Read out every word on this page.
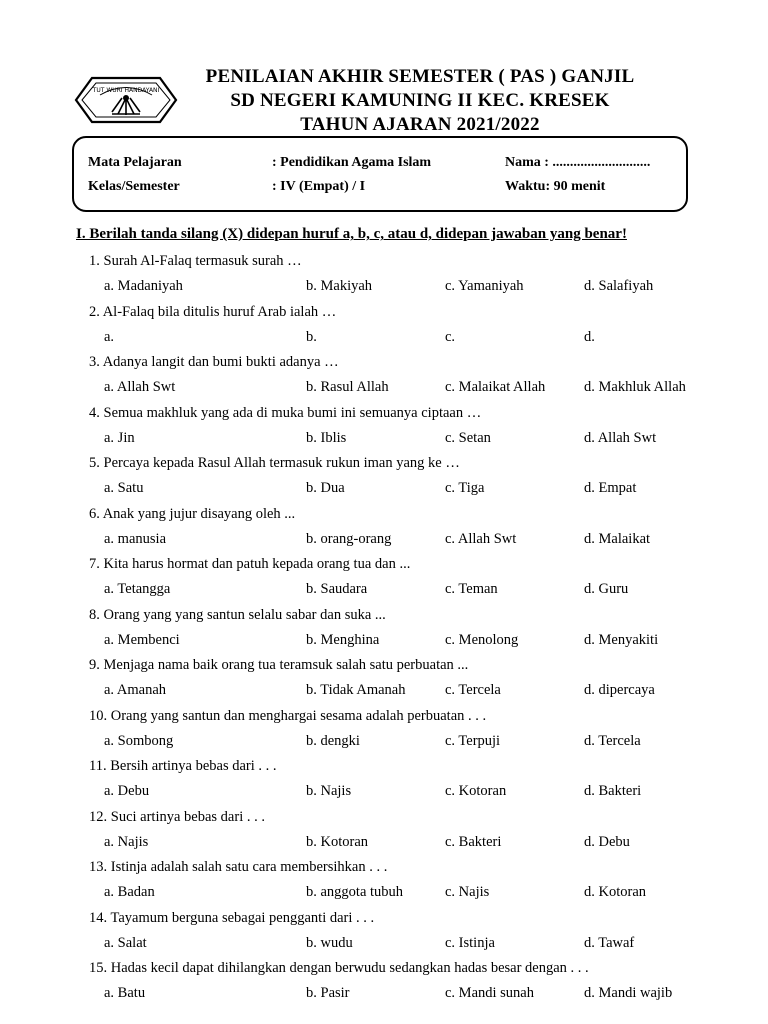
TUT WURI HANDAYANI
PENILAIAN AKHIR SEMESTER ( PAS ) GANJIL
SD NEGERI KAMUNING II KEC. KRESEK
TAHUN AJARAN 2021/2022
Mata Pelajaran	: Pendidikan Agama Islam	Nama : ............................
Kelas/Semester	: IV (Empat) / I	Waktu: 90 menit
I. Berilah tanda silang (X) didepan huruf a, b, c, atau d, didepan jawaban yang benar!
1. Surah Al-Falaq termasuk surah …
a. Madaniyah	b. Makiyah	c. Yamaniyah	d. Salafiyah
2. Al-Falaq bila ditulis huruf Arab ialah …
a.	b.	c.	d.
3. Adanya langit dan bumi bukti adanya …
a. Allah Swt	b. Rasul Allah	c. Malaikat Allah	d. Makhluk Allah
4. Semua makhluk yang ada di muka bumi ini semuanya ciptaan …
a. Jin	b. Iblis	c. Setan	d. Allah Swt
5. Percaya kepada Rasul Allah termasuk rukun iman yang ke …
a. Satu	b. Dua	c. Tiga	d. Empat
6. Anak yang jujur disayang oleh ...
a. manusia	b. orang-orang	c. Allah Swt	d. Malaikat
7. Kita harus hormat dan patuh kepada orang tua dan ...
a. Tetangga	b. Saudara	c. Teman	d. Guru
8. Orang yang yang santun selalu sabar dan suka ...
a. Membenci	b. Menghina	c. Menolong	d. Menyakiti
9. Menjaga nama baik orang tua teramsuk salah satu perbuatan ...
a. Amanah	b. Tidak Amanah	c. Tercela	d. dipercaya
10. Orang yang santun dan menghargai sesama adalah perbuatan . . .
a. Sombong	b. dengki	c. Terpuji	d. Tercela
11. Bersih artinya bebas dari . . .
a. Debu	b. Najis	c. Kotoran	d. Bakteri
12. Suci artinya bebas dari . . .
a. Najis	b. Kotoran	c. Bakteri	d. Debu
13. Istinja adalah salah satu cara membersihkan . . .
a. Badan	b. anggota tubuh	c. Najis	d. Kotoran
14. Tayamum berguna sebagai pengganti dari . . .
a. Salat	b. wudu	c. Istinja	d. Tawaf
15. Hadas kecil dapat dihilangkan dengan berwudu sedangkan hadas besar dengan . . .
a. Batu	b. Pasir	c. Mandi sunah	d. Mandi wajib
